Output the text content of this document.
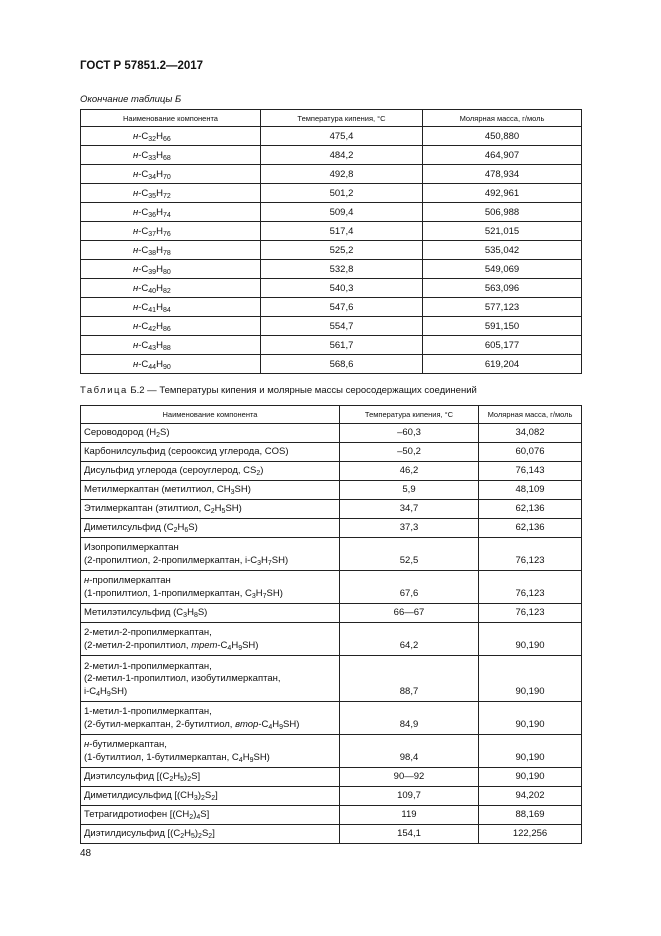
ГОСТ Р 57851.2—2017
Окончание таблицы Б
Наименование компонента	Температура кипения, °С	Молярная масса, г/моль
$н-C_{32}H_{66}$	475,4	450,880
$н-C_{33}H_{68}$	484,2	464,907
$н-C_{34}H_{70}$	492,8	478,934
$н-C_{35}H_{72}$	501,2	492,961
$н-C_{36}H_{74}$	509,4	506,988
$н-C_{37}H_{76}$	517,4	521,015
$н-C_{38}H_{78}$	525,2	535,042
$н-C_{39}H_{80}$	532,8	549,069
$н-C_{40}H_{82}$	540,3	563,096
$н-C_{41}H_{84}$	547,6	577,123
$н-C_{42}H_{86}$	554,7	591,150
$н-C_{43}H_{88}$	561,7	605,177
$н-C_{44}H_{90}$	568,6	619,204
Таблица Б.2 — Температуры кипения и молярные массы серосодержащих соединений
Наименование компонента	Температура кипения, °С	Молярная масса, г/моль
Сероводород $(H_2S)$	–60,3	34,082
Карбонилсульфид (сероокcид углерода, COS)	–50,2	60,076
Дисульфид углерода (сероуглерод, $CS_2$)	46,2	76,143
Метилмеркаптан (метилтиол, $CH_3SH$)	5,9	48,109
Этилмеркаптан (этилтиол, $C_2H_5SH$)	34,7	62,136
Диметилсульфид $(C_2H_6S)$	37,3	62,136
Изопропилмеркаптан
(2-пропилтиол, 2-пропилмеркаптан, $i-C_3H_7SH$)	52,5	76,123
н-пропилмеркаптан
(1-пропилтиол, 1-пропилмеркаптан, $C_3H_7SH$)	67,6	76,123
Метилэтилсульфид $(C_3H_8S)$	66—67	76,123
2-метил-2-пропилмеркаптан,
(2-метил-2-пропилтиол, трет-$C_4H_9SH$)	64,2	90,190
2-метил-1-пропилмеркаптан,
(2-метил-1-пропилтиол, изобутилмеркаптан,
$i-C_4H_9SH$)	88,7	90,190
1-метил-1-пропилмеркаптан,
(2-бутил-меркаптан, 2-бутилтиол, втор-$C_4H_9SH$)	84,9	90,190
н-бутилмеркаптан,
(1-бутилтиол, 1-бутилмеркаптан, $C_4H_9SH$)	98,4	90,190
Диэтилсульфид $[(C_2H_5)_2S]$	90—92	90,190
Диметилдисульфид $[(CH_3)_2S_2]$	109,7	94,202
Тетрагидротиофен $[(CH_2)_4S]$	119	88,169
Диэтилдисульфид $[(C_2H_5)_2S_2]$	154,1	122,256
48
